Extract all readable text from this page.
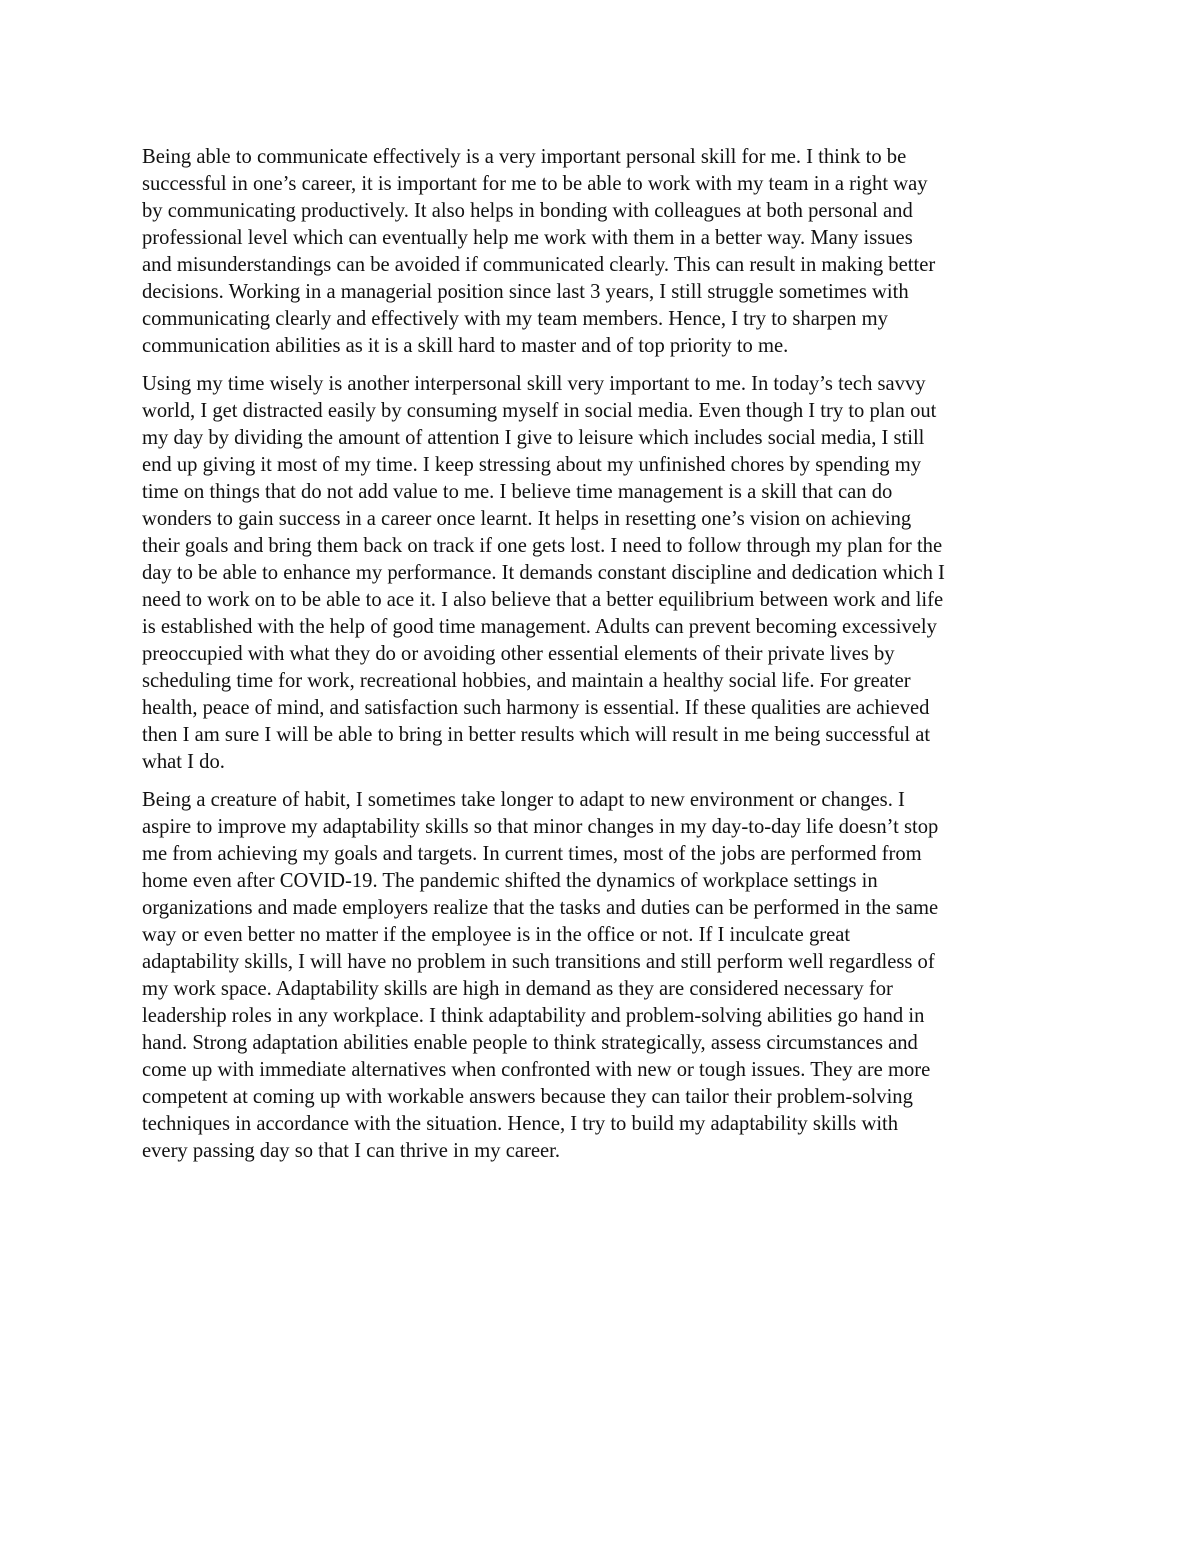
Being able to communicate effectively is a very important personal skill for me. I think to be
successful in one’s career, it is important for me to be able to work with my team in a right way
by communicating productively. It also helps in bonding with colleagues at both personal and
professional level which can eventually help me work with them in a better way. Many issues
and misunderstandings can be avoided if communicated clearly. This can result in making better
decisions. Working in a managerial position since last 3 years, I still struggle sometimes with
communicating clearly and effectively with my team members. Hence, I try to sharpen my
communication abilities as it is a skill hard to master and of top priority to me.
Using my time wisely is another interpersonal skill very important to me. In today’s tech savvy
world, I get distracted easily by consuming myself in social media. Even though I try to plan out
my day by dividing the amount of attention I give to leisure which includes social media, I still
end up giving it most of my time. I keep stressing about my unfinished chores by spending my
time on things that do not add value to me. I believe time management is a skill that can do
wonders to gain success in a career once learnt. It helps in resetting one’s vision on achieving
their goals and bring them back on track if one gets lost. I need to follow through my plan for the
day to be able to enhance my performance. It demands constant discipline and dedication which I
need to work on to be able to ace it. I also believe that a better equilibrium between work and life
is established with the help of good time management. Adults can prevent becoming excessively
preoccupied with what they do or avoiding other essential elements of their private lives by
scheduling time for work, recreational hobbies, and maintain a healthy social life. For greater
health, peace of mind, and satisfaction such harmony is essential. If these qualities are achieved
then I am sure I will be able to bring in better results which will result in me being successful at
what I do.
Being a creature of habit, I sometimes take longer to adapt to new environment or changes. I
aspire to improve my adaptability skills so that minor changes in my day-to-day life doesn’t stop
me from achieving my goals and targets. In current times, most of the jobs are performed from
home even after COVID-19. The pandemic shifted the dynamics of workplace settings in
organizations and made employers realize that the tasks and duties can be performed in the same
way or even better no matter if the employee is in the office or not. If I inculcate great
adaptability skills, I will have no problem in such transitions and still perform well regardless of
my work space. Adaptability skills are high in demand as they are considered necessary for
leadership roles in any workplace. I think adaptability and problem-solving abilities go hand in
hand. Strong adaptation abilities enable people to think strategically, assess circumstances and
come up with immediate alternatives when confronted with new or tough issues. They are more
competent at coming up with workable answers because they can tailor their problem-solving
techniques in accordance with the situation. Hence, I try to build my adaptability skills with
every passing day so that I can thrive in my career.
